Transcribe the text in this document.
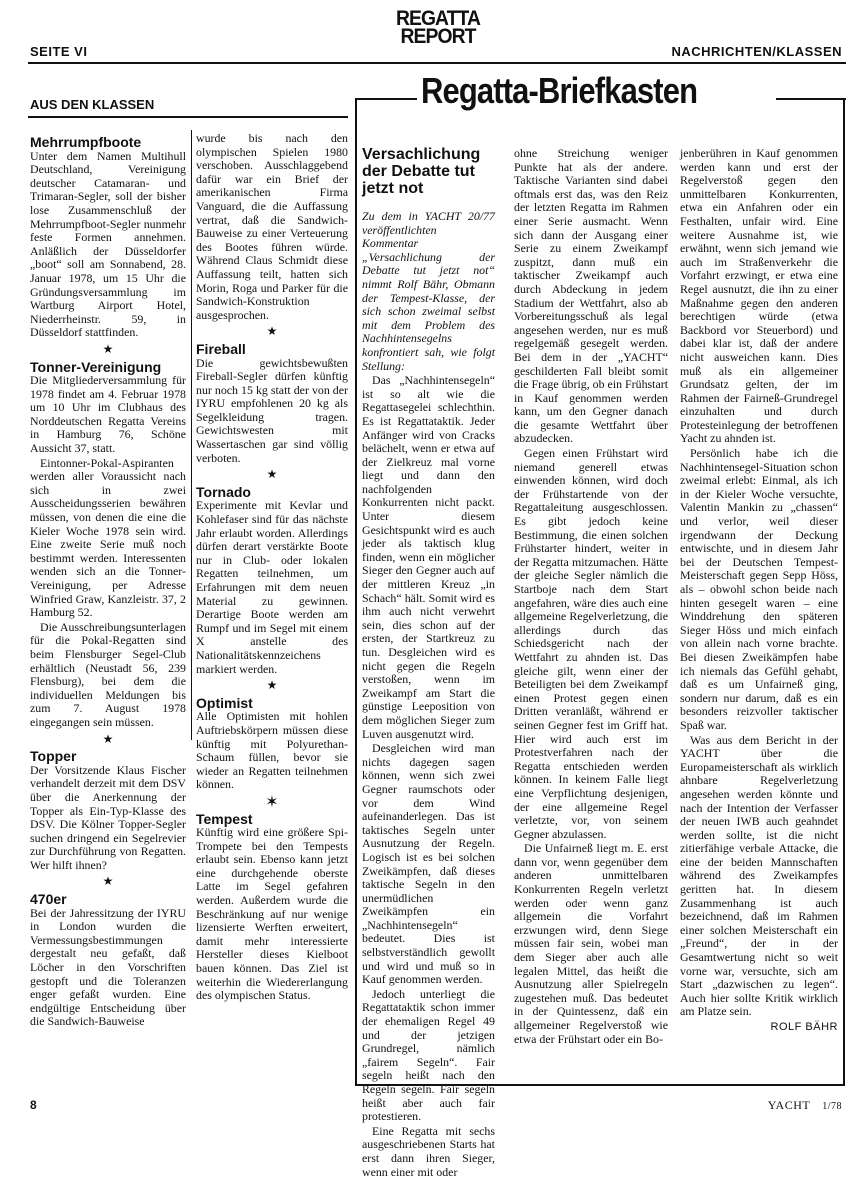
SEITE VI
REGATTA
REPORT
NACHRICHTEN/KLASSEN
AUS DEN KLASSEN
Mehrrumpfboote

Unter dem Namen Multihull Deutschland, Vereinigung deutscher Catamaran- und Trimaran-Segler, soll der bisher lose Zusammenschluß der Mehrrumpfboot-Segler nunmehr feste Formen annehmen. Anläßlich der Düsseldorfer „boot“ soll am Sonnabend, 28. Januar 1978, um 15 Uhr die Gründungsversammlung im Wartburg Airport Hotel, Niederrheinstr. 59, in Düsseldorf stattfinden.

★
Tonner-Vereinigung

Die Mitgliederversammlung für 1978 findet am 4. Februar 1978 um 10 Uhr im Clubhaus des Norddeutschen Regatta Vereins in Hamburg 76, Schöne Aussicht 37, statt.

Eintonner-Pokal-Aspiranten werden aller Voraussicht nach sich in zwei Ausscheidungsserien bewähren müssen, von denen die eine die Kieler Woche 1978 sein wird. Eine zweite Serie muß noch bestimmt werden. Interessenten wenden sich an die Tonner-Vereinigung, per Adresse Winfried Graw, Kanzleistr. 37, 2 Hamburg 52.

Die Ausschreibungsunterlagen für die Pokal-Regatten sind beim Flensburger Segel-Club erhältlich (Neustadt 56, 239 Flensburg), bei dem die individuellen Meldungen bis zum 7. August 1978 eingegangen sein müssen.

★
Topper

Der Vorsitzende Klaus Fischer verhandelt derzeit mit dem DSV über die Anerkennung der Topper als Ein-Typ-Klasse des DSV. Die Kölner Topper-Segler suchen dringend ein Segelrevier zur Durchführung von Regatten. Wer hilft ihnen?

★
470er

Bei der Jahressitzung der IYRU in London wurden die Vermessungsbestimmungen dergestalt neu gefaßt, daß Löcher in den Vorschriften gestopft und die Toleranzen enger gefaßt wurden. Eine endgültige Entscheidung über die Sandwich-Bauweise

wurde bis nach den olympischen Spielen 1980 verschoben. Ausschlaggebend dafür war ein Brief der amerikanischen Firma Vanguard, die die Auffassung vertrat, daß die Sandwich-Bauweise zu einer Verteuerung des Bootes führen würde. Während Claus Schmidt diese Auffassung teilt, hatten sich Morin, Roga und Parker für die Sandwich-Konstruktion ausgesprochen.

★
Fireball

Die gewichtsbewußten Fireball-Segler dürfen künftig nur noch 15 kg statt der von der IYRU empfohlenen 20 kg als Segelkleidung tragen. Gewichtswesten mit Wassertaschen gar sind völlig verboten.

★
Tornado

Experimente mit Kevlar und Kohlefaser sind für das nächste Jahr erlaubt worden. Allerdings dürfen derart verstärkte Boote nur in Club- oder lokalen Regatten teilnehmen, um Erfahrungen mit dem neuen Material zu gewinnen. Derartige Boote werden am Rumpf und im Segel mit einem X anstelle des Nationalitätskennzeichens markiert werden.

★
Optimist

Alle Optimisten mit hohlen Auftriebskörpern müssen diese künftig mit Polyurethan-Schaum füllen, bevor sie wieder an Regatten teilnehmen können.

✶
Tempest

Künftig wird eine größere Spi-Trompete bei den Tempests erlaubt sein. Ebenso kann jetzt eine durchgehende oberste Latte im Segel gefahren werden. Außerdem wurde die Beschränkung auf nur wenige lizensierte Werften erweitert, damit mehr interessierte Hersteller dieses Kielboot bauen können. Das Ziel ist weiterhin die Wiedererlangung des olympischen Status.

Regatta-Briefkasten
Versachlichung der Debatte tut jetzt not

Zu dem in YACHT 20/77 veröffentlichten Kommentar „Versachlichung der Debatte tut jetzt not“ nimmt Rolf Bähr, Obmann der Tempest-Klasse, der sich schon zweimal selbst mit dem Problem des Nachhintensegelns konfrontiert sah, wie folgt Stellung:

Das „Nachhintensegeln“ ist so alt wie die Regattasegelei schlechthin. Es ist Regattataktik. Jeder Anfänger wird von Cracks belächelt, wenn er etwa auf der Zielkreuz mal vorne liegt und dann den nachfolgenden Konkurrenten nicht packt. Unter diesem Gesichtspunkt wird es auch jeder als taktisch klug finden, wenn ein möglicher Sieger den Gegner auch auf der mittleren Kreuz „in Schach“ hält. Somit wird es ihm auch nicht verwehrt sein, dies schon auf der ersten, der Startkreuz zu tun. Desgleichen wird es nicht gegen die Regeln verstoßen, wenn im Zweikampf am Start die günstige Leeposition von dem möglichen Sieger zum Luven ausgenutzt wird.

Desgleichen wird man nichts dagegen sagen können, wenn sich zwei Gegner raumschots oder vor dem Wind aufeinanderlegen. Das ist taktisches Segeln unter Ausnutzung der Regeln. Logisch ist es bei solchen Zweikämpfen, daß dieses taktische Segeln in den unermüdlichen Zweikämpfen ein „Nachhintensegeln“ bedeutet. Dies ist selbstverständlich gewollt und wird und muß so in Kauf genommen werden.

Jedoch unterliegt die Regattataktik schon immer der ehemaligen Regel 49 und der jetzigen Grundregel, nämlich „fairem Segeln“. Fair segeln heißt nach den Regeln segeln. Fair segeln heißt aber auch fair protestieren.

Eine Regatta mit sechs ausgeschriebenen Starts hat erst dann ihren Sieger, wenn einer mit oder

ohne Streichung weniger Punkte hat als der andere. Taktische Varianten sind dabei oftmals erst das, was den Reiz der letzten Regatta im Rahmen einer Serie ausmacht. Wenn sich dann der Ausgang einer Serie zu einem Zweikampf zuspitzt, dann muß ein taktischer Zweikampf auch durch Abdeckung in jedem Stadium der Wettfahrt, also ab Vorbereitungsschuß als legal angesehen werden, nur es muß regelgemäß gesegelt werden. Bei dem in der „YACHT“ geschilderten Fall bleibt somit die Frage übrig, ob ein Frühstart in Kauf genommen werden kann, um den Gegner danach die gesamte Wettfahrt über abzudecken.

Gegen einen Frühstart wird niemand generell etwas einwenden können, wird doch der Frühstartende von der Regattaleitung ausgeschlossen. Es gibt jedoch keine Bestimmung, die einen solchen Frühstarter hindert, weiter in der Regatta mitzumachen. Hätte der gleiche Segler nämlich die Startboje nach dem Start angefahren, wäre dies auch eine allgemeine Regelverletzung, die allerdings durch das Schiedsgericht nach der Wettfahrt zu ahnden ist. Das gleiche gilt, wenn einer der Beteiligten bei dem Zweikampf einen Protest gegen einen Dritten veranläßt, während er seinen Gegner fest im Griff hat. Hier wird auch erst im Protestverfahren nach der Regatta entschieden werden können. In keinem Falle liegt eine Verpflichtung desjenigen, der eine allgemeine Regel verletzte, vor, von seinem Gegner abzulassen.

Die Unfairneß liegt m. E. erst dann vor, wenn gegenüber dem anderen unmittelbaren Konkurrenten Regeln verletzt werden oder wenn ganz allgemein die Vorfahrt erzwungen wird, denn Siege müssen fair sein, wobei man dem Sieger aber auch alle legalen Mittel, das heißt die Ausnutzung aller Spielregeln zugestehen muß. Das bedeutet in der Quintessenz, daß ein allgemeiner Regelverstoß wie etwa der Frühstart oder ein Bo-

jenberühren in Kauf genommen werden kann und erst der Regelverstoß gegen den unmittelbaren Konkurrenten, etwa ein Anfahren oder ein Festhalten, unfair wird. Eine weitere Ausnahme ist, wie erwähnt, wenn sich jemand wie auch im Straßenverkehr die Vorfahrt erzwingt, er etwa eine Regel ausnutzt, die ihn zu einer Maßnahme gegen den anderen berechtigen würde (etwa Backbord vor Steuerbord) und dabei klar ist, daß der andere nicht ausweichen kann. Dies muß als ein allgemeiner Grundsatz gelten, der im Rahmen der Fairneß-Grundregel einzuhalten und durch Protesteinlegung der betroffenen Yacht zu ahnden ist.

Persönlich habe ich die Nachhintensegel-Situation schon zweimal erlebt: Einmal, als ich in der Kieler Woche versuchte, Valentin Mankin zu „chassen“ und verlor, weil dieser irgendwann der Deckung entwischte, und in diesem Jahr bei der Deutschen Tempest-Meisterschaft gegen Sepp Höss, als – obwohl schon beide nach hinten gesegelt waren – eine Winddrehung den späteren Sieger Höss und mich einfach von allein nach vorne brachte. Bei diesen Zweikämpfen habe ich niemals das Gefühl gehabt, daß es um Unfairneß ging, sondern nur darum, daß es ein besonders reizvoller taktischer Spaß war.

Was aus dem Bericht in der YACHT über die Europameisterschaft als wirklich ahnbare Regelverletzung angesehen werden könnte und nach der Intention der Verfasser der neuen IWB auch geahndet werden sollte, ist die nicht zitierfähige verbale Attacke, die eine der beiden Mannschaften während des Zweikampfes geritten hat. In diesem Zusammenhang ist auch bezeichnend, daß im Rahmen einer solchen Meisterschaft ein „Freund“, der in der Gesamtwertung nicht so weit vorne war, versuchte, sich am Start „dazwischen zu legen“. Auch hier sollte Kritik wirklich am Platze sein.

ROLF BÄHR
8	YACHT 1/78
